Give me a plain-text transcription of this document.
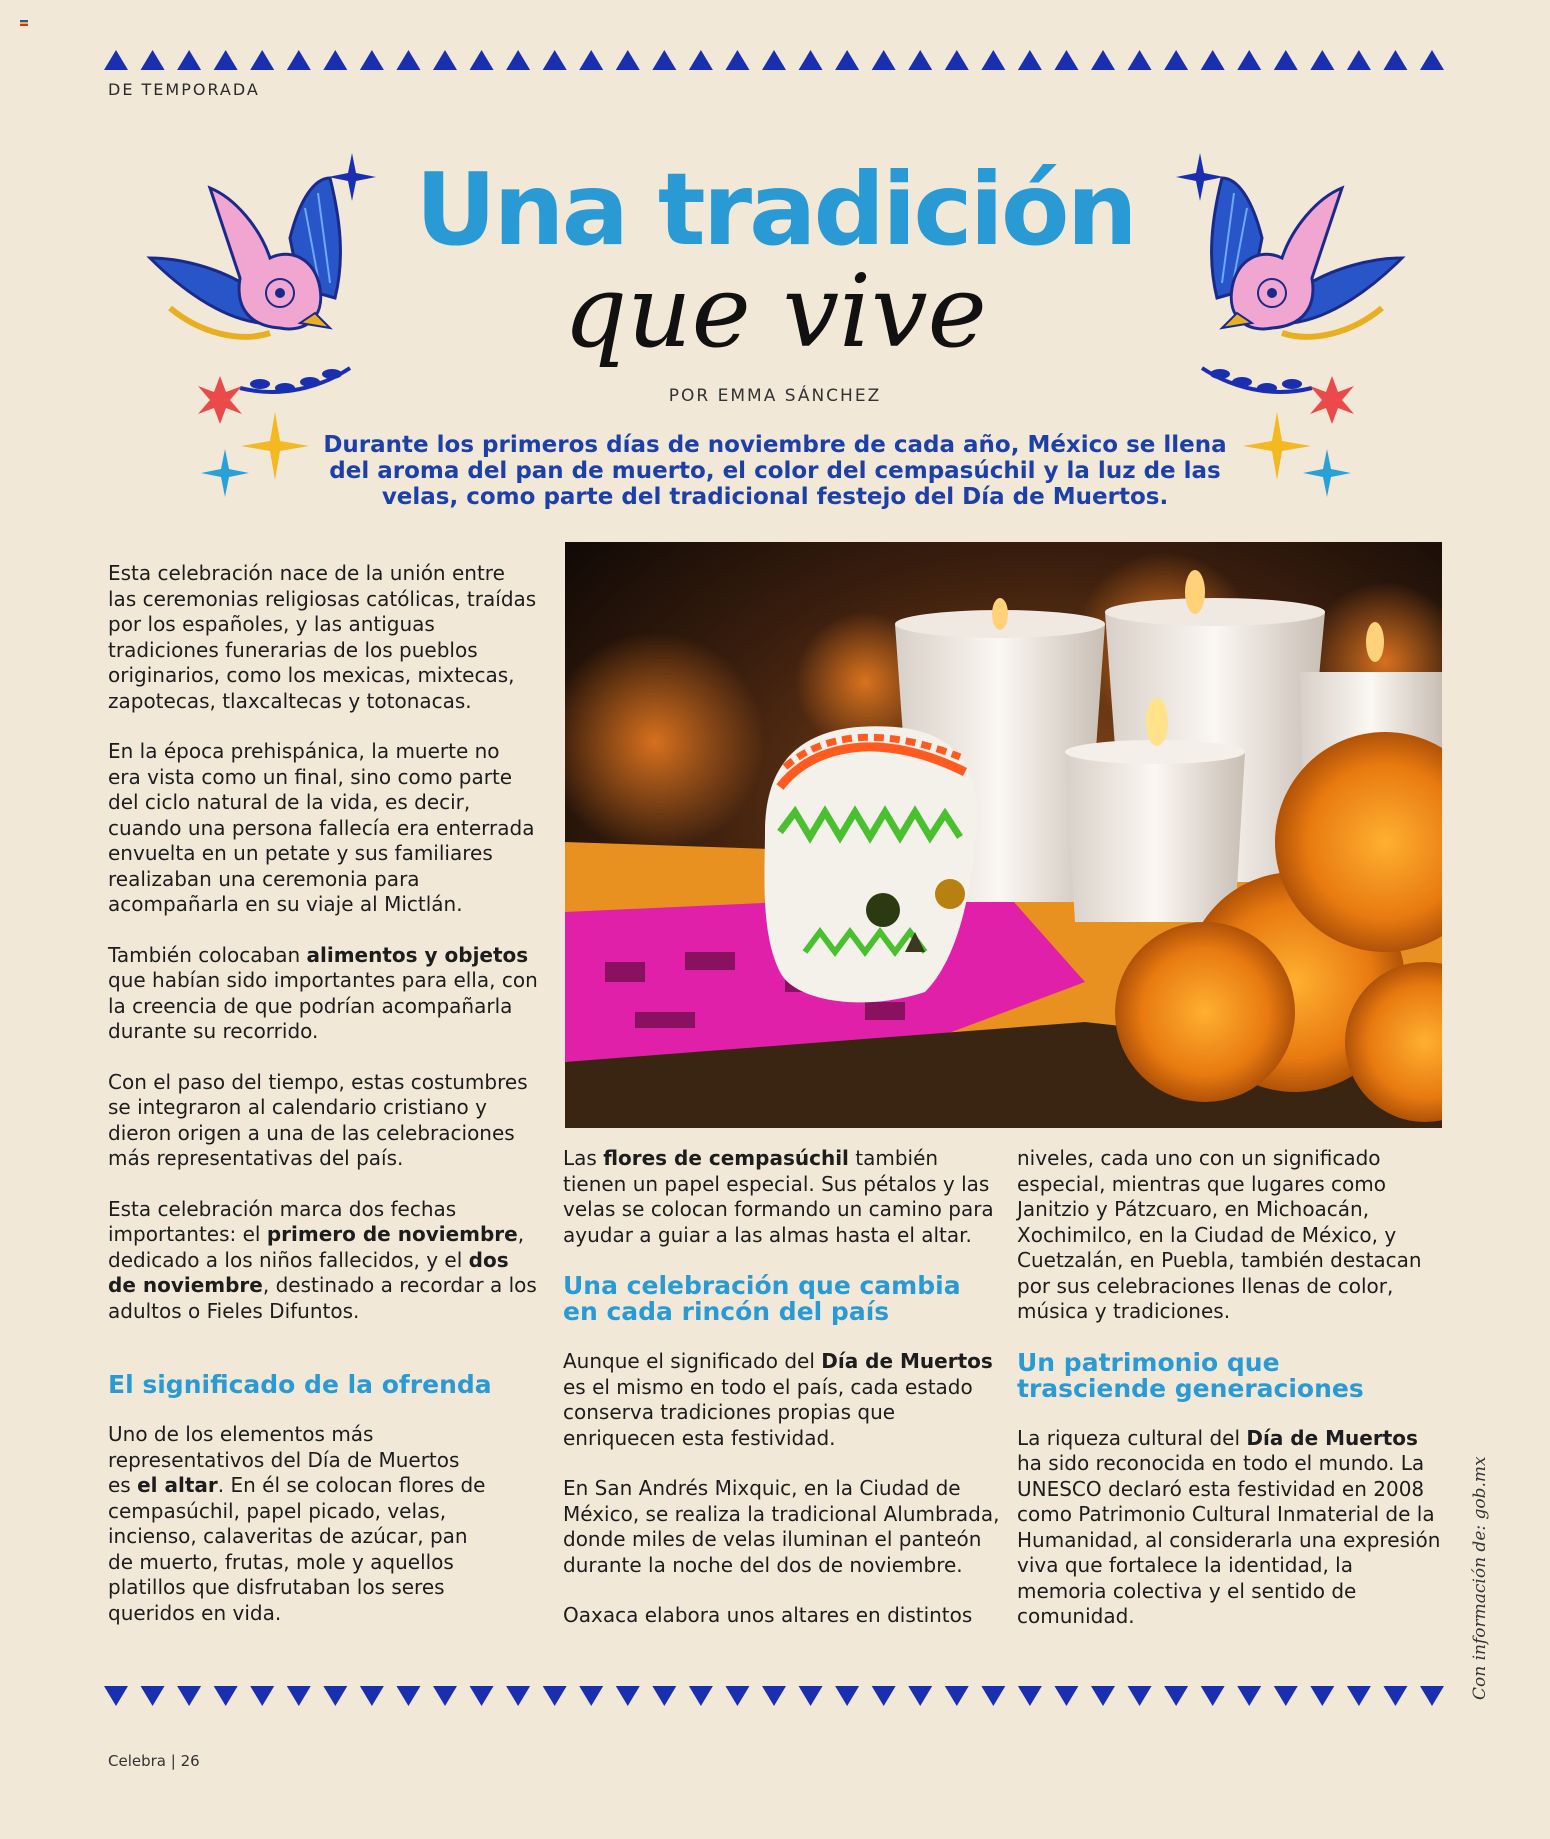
DE TEMPORADA
Una tradición
que vive
POR EMMA SÁNCHEZ
Durante los primeros días de noviembre de cada año, México se llena del aroma del pan de muerto, el color del cempasúchil y la luz de las velas, como parte del tradicional festejo del Día de Muertos.

Esta celebración nace de la unión entre las ceremonias religiosas católicas, traídas por los españoles, y las antiguas tradiciones funerarias de los pueblos originarios, como los mexicas, mixtecas, zapotecas, tlaxcaltecas y totonacas.

En la época prehispánica, la muerte no era vista como un final, sino como parte del ciclo natural de la vida, es decir, cuando una persona fallecía era enterrada envuelta en un petate y sus familiares realizaban una ceremonia para acompañarla en su viaje al Mictlán.

También colocaban alimentos y objetos que habían sido importantes para ella, con la creencia de que podrían acompañarla durante su recorrido.

Con el paso del tiempo, estas costumbres se integraron al calendario cristiano y dieron origen a una de las celebraciones más representativas del país.

Esta celebración marca dos fechas importantes: el primero de noviembre, dedicado a los niños fallecidos, y el dos de noviembre, destinado a recordar a los adultos o Fieles Difuntos.

El significado de la ofrenda

Uno de los elementos más representativos del Día de Muertos es el altar. En él se colocan flores de cempasúchil, papel picado, velas, incienso, calaveritas de azúcar, pan de muerto, frutas, mole y aquellos platillos que disfrutaban los seres queridos en vida.

Las flores de cempasúchil también tienen un papel especial. Sus pétalos y las velas se colocan formando un camino para ayudar a guiar a las almas hasta el altar.

Una celebración que cambia en cada rincón del país

Aunque el significado del Día de Muertos es el mismo en todo el país, cada estado conserva tradiciones propias que enriquecen esta festividad.

En San Andrés Mixquic, en la Ciudad de México, se realiza la tradicional Alumbrada, donde miles de velas iluminan el panteón durante la noche del dos de noviembre.

Oaxaca elabora unos altares en distintos

niveles, cada uno con un significado especial, mientras que lugares como Janitzio y Pátzcuaro, en Michoacán, Xochimilco, en la Ciudad de México, y Cuetzalán, en Puebla, también destacan por sus celebraciones llenas de color, música y tradiciones.

Un patrimonio que trasciende generaciones

La riqueza cultural del Día de Muertos ha sido reconocida en todo el mundo. La UNESCO declaró esta festividad en 2008 como Patrimonio Cultural Inmaterial de la Humanidad, al considerarla una expresión viva que fortalece la identidad, la memoria colectiva y el sentido de comunidad.	Con información de: gob.mx
Celebra | 26
